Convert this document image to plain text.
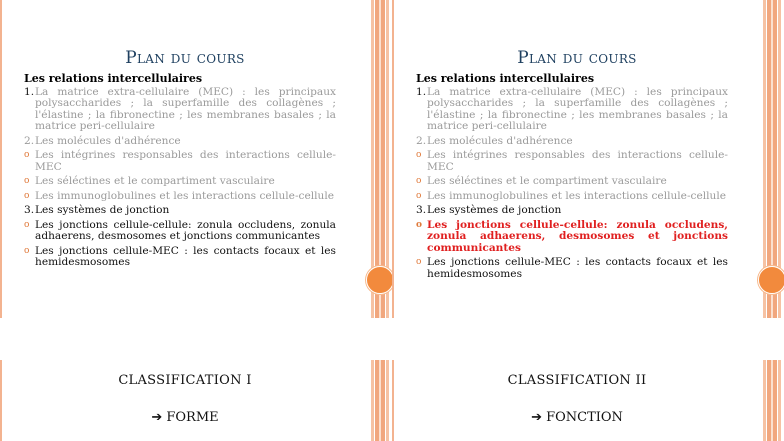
Plan du cours
Les relations intercellulaires
1. La matrice extra-cellulaire (MEC) : les principaux polysaccharides ; la superfamille des collagènes ; l'élastine ; la fibronectine ; les membranes basales ; la matrice peri-cellulaire
2. Les molécules d'adhérence
o Les intégrines responsables des interactions cellule-MEC
o Les séléctines et le compartiment vasculaire
o Les immunoglobulines et les interactions cellule-cellule
3. Les systèmes de jonction
o Les jonctions cellule-cellule: zonula occludens, zonula adhaerens, desmosomes et jonctions communicantes
o Les jonctions cellule-MEC : les contacts focaux et les hemidesmosomes
Plan du cours
Les relations intercellulaires
1. La matrice extra-cellulaire (MEC) : les principaux polysaccharides ; la superfamille des collagènes ; l'élastine ; la fibronectine ; les membranes basales ; la matrice peri-cellulaire
2. Les molécules d'adhérence
o Les intégrines responsables des interactions cellule-MEC
o Les séléctines et le compartiment vasculaire
o Les immunoglobulines et les interactions cellule-cellule
3. Les systèmes de jonction
o Les jonctions cellule-cellule: zonula occludens, zonula adhaerens, desmosomes et jonctions communicantes
o Les jonctions cellule-MEC : les contacts focaux et les hemidesmosomes
CLASSIFICATION I
➔ FORME
CLASSIFICATION II
➔ FONCTION
